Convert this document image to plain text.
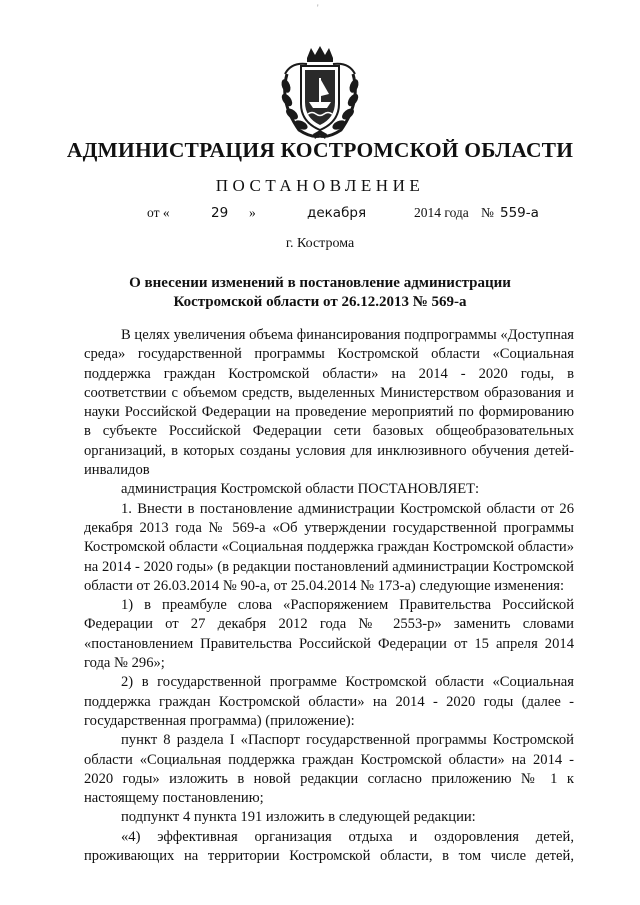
'
АДМИНИСТРАЦИЯ КОСТРОМСКОЙ ОБЛАСТИ
ПОСТАНОВЛЕНИЕ
от «	29 »	декабря	2014 года № 559-а
г. Кострома
О внесении изменений в постановление администрации
Костромской области от 26.12.2013 № 569-а

В целях увеличения объема финансирования подпрограммы «Доступная среда» государственной программы Костромской области «Социальная поддержка граждан Костромской области» на 2014 - 2020 годы, в соответствии с объемом средств, выделенных Министерством образования и науки Российской Федерации на проведение мероприятий по формированию в субъекте Российской Федерации сети базовых общеобразовательных организаций, в которых созданы условия для инклюзивного обучения детей-инвалидов

администрация Костромской области ПОСТАНОВЛЯЕТ:

1. Внести в постановление администрации Костромской области от 26 декабря 2013 года № 569-а «Об утверждении государственной программы Костромской области «Социальная поддержка граждан Костромской области» на 2014 - 2020 годы» (в редакции постановлений администрации Костромской области от 26.03.2014 № 90-а, от 25.04.2014 № 173-а) следующие изменения:

1) в преамбуле слова «Распоряжением Правительства Российской Федерации от 27 декабря 2012 года № 2553-р» заменить словами «постановлением Правительства Российской Федерации от 15 апреля 2014 года № 296»;

2) в государственной программе Костромской области «Социальная поддержка граждан Костромской области» на 2014 - 2020 годы (далее - государственная программа) (приложение):

пункт 8 раздела I «Паспорт государственной программы Костромской области «Социальная поддержка граждан Костромской области» на 2014 - 2020 годы» изложить в новой редакции согласно приложению № 1 к настоящему постановлению;

подпункт 4 пункта 191 изложить в следующей редакции:

«4) эффективная организация отдыха и оздоровления детей, проживающих на территории Костромской области, в том числе детей,
